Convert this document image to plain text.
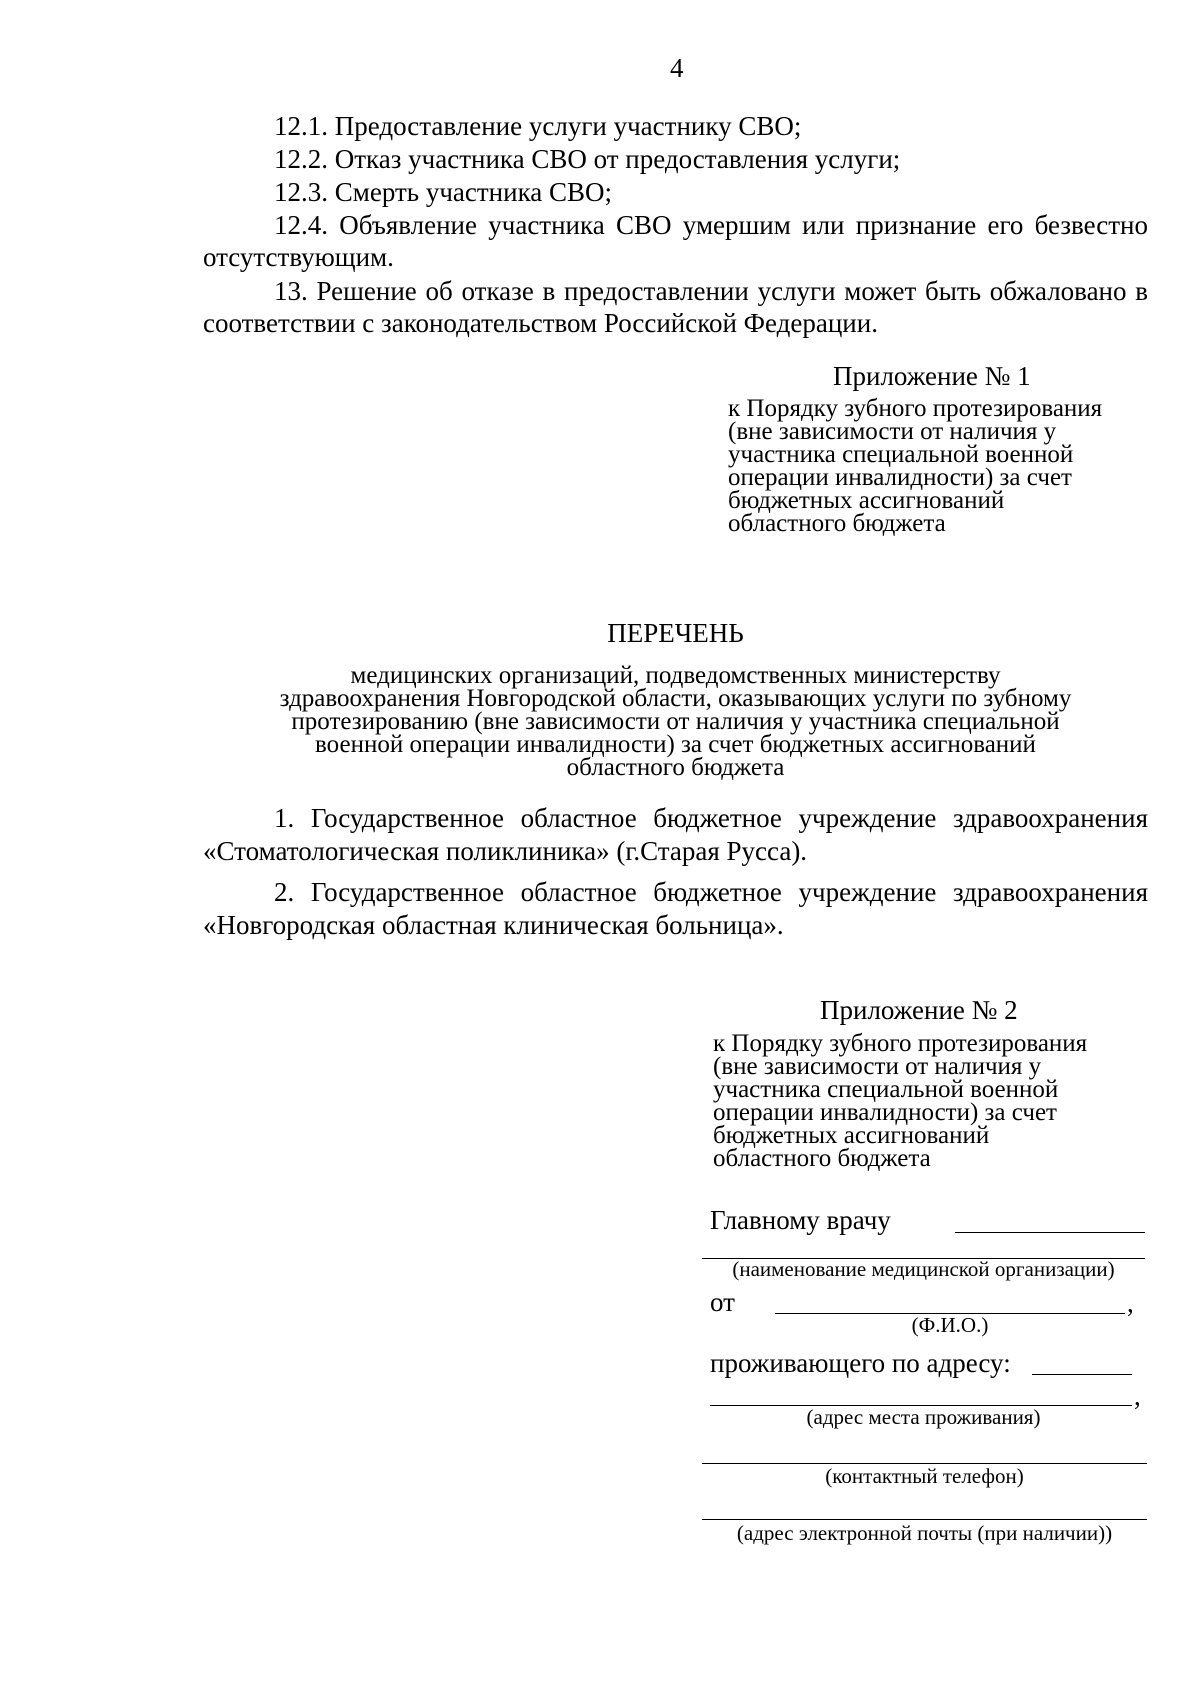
4
12.1. Предоставление услуги участнику СВО;
12.2. Отказ участника СВО от предоставления услуги;
12.3. Смерть участника СВО;
12.4. Объявление участника СВО умершим или признание его безвестно отсутствующим.
13. Решение об отказе в предоставлении услуги может быть обжаловано в соответствии с законодательством Российской Федерации.
Приложение № 1
к Порядку зубного протезирования
(вне зависимости от наличия у
участника специальной военной
операции инвалидности) за счет
бюджетных ассигнований
областного бюджета
ПЕРЕЧЕНЬ
медицинских организаций, подведомственных министерству
здравоохранения Новгородской области, оказывающих услуги по зубному
протезированию (вне зависимости от наличия у участника специальной
военной операции инвалидности) за счет бюджетных ассигнований
областного бюджета
1. Государственное областное бюджетное учреждение здравоохранения «Стоматологическая поликлиника» (г.Старая Русса).
2. Государственное областное бюджетное учреждение здравоохранения «Новгородская областная клиническая больница».
Приложение № 2
к Порядку зубного протезирования
(вне зависимости от наличия у
участника специальной военной
операции инвалидности) за счет
бюджетных ассигнований
областного бюджета
Главному врачу
(наименование медицинской организации)
от	,
(Ф.И.О.)
проживающего по адресу:
,
(адрес места проживания)
(контактный телефон)
(адрес электронной почты (при наличии))
